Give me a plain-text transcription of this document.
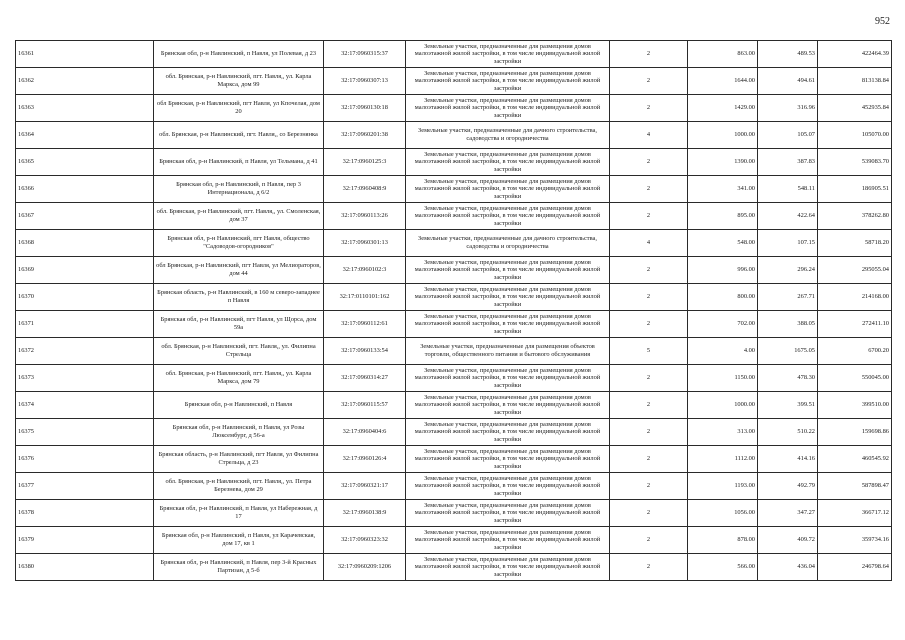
952
16361	Брянская обл, р-н Навлинский, п Навля, ул Полевая, д 23	32:17:0960315:37	Земельные участки, предназначенные для размещения домов малоэтажной жилой застройки, в том числе индивидуальной жилой застройки	2	863.00	489.53	422464.39
16362	обл. Брянская, р-н Навлинский, пгт. Навля,, ул. Карла Маркса, дом 99	32:17:0960307:13	Земельные участки, предназначенные для размещения домов малоэтажной жилой застройки, в том числе индивидуальной жилой застройки	2	1644.00	494.61	813138.84
16363	обл Брянская, р-н Навлинский, пгт Навля, ул Кпочелая, дом 20	32:17:0960130:18	Земельные участки, предназначенные для размещения домов малоэтажной жилой застройки, в том числе индивидуальной жилой застройки	2	1429.00	316.96	452935.84
16364	обл. Брянская, р-н Навлинский, пгт. Навля,, со Березнянка	32:17:0960201:38	Земельные участки, предназначенные для дачного строительства, садоводства и огородничества	4	1000.00	105.07	105070.00
16365	Брянская обл, р-н Навлинский, п Навля, ул Тельмана, д 41	32:17:0960125:3	Земельные участки, предназначенные для размещения домов малоэтажной жилой застройки, в том числе индивидуальной жилой застройки	2	1390.00	387.83	539083.70
16366	Брянская обл, р-н Навлинский, п Навля, пер 3 Интернационала, д 6/2	32:17:0960408:9	Земельные участки, предназначенные для размещения домов малоэтажной жилой застройки, в том числе индивидуальной жилой застройки	2	341.00	548.11	186905.51
16367	обл. Брянская, р-н Навлинский, пгт. Навля,, ул. Смоленская, дом 37	32:17:0960113:26	Земельные участки, предназначенные для размещения домов малоэтажной жилой застройки, в том числе индивидуальной жилой застройки	2	895.00	422.64	378262.80
16368	Брянская обл, р-н Навлинский, пгт Навля, общество "Садоводов-огородников"	32:17:0960301:13	Земельные участки, предназначенные для дачного строительства, садоводства и огородничества	4	548.00	107.15	58718.20
16369	обл Брянская, р-н Навлинский, пгт Навля, ул Мелиораторов, дом 44	32:17:0960102:3	Земельные участки, предназначенные для размещения домов малоэтажной жилой застройки, в том числе индивидуальной жилой застройки	2	996.00	296.24	295055.04
16370	Брянская область, р-н Навлинский, в 160 м северо-западнее п Навля	32:17:0110101:162	Земельные участки, предназначенные для размещения домов малоэтажной жилой застройки, в том числе индивидуальной жилой застройки	2	800.00	267.71	214168.00
16371	Брянская обл, р-н Навлинский, пгт Навля, ул Щорса, дом 59а	32:17:0960112:61	Земельные участки, предназначенные для размещения домов малоэтажной жилой застройки, в том числе индивидуальной жилой застройки	2	702.00	388.05	272411.10
16372	обл. Брянская, р-н Навлинский, пгт. Навля,, ул. Филипна Стрельца	32:17:0960133:54	Земельные участки, предназначенные для размещения объектов торговли, общественного питания и бытового обслуживания	5	4.00	1675.05	6700.20
16373	обл. Брянская, р-н Навлинский, пгт. Навля,, ул. Карла Маркса, дом 79	32:17:0960314:27	Земельные участки, предназначенные для размещения домов малоэтажной жилой застройки, в том числе индивидуальной жилой застройки	2	1150.00	478.30	550045.00
16374	Брянская обл, р-н Навлинский, п Навля	32:17:0960115:57	Земельные участки, предназначенные для размещения домов малоэтажной жилой застройки, в том числе индивидуальной жилой застройки	2	1000.00	399.51	399510.00
16375	Брянская обл, р-н Навлинский, п Навля, ул Розы Люксембург, д 56-а	32:17:0960404:6	Земельные участки, предназначенные для размещения домов малоэтажной жилой застройки, в том числе индивидуальной жилой застройки	2	313.00	510.22	159698.86
16376	Брянская область, р-н Навлинский, пгт Навля, ул Филипна Стрельца, д 23	32:17:0960126:4	Земельные участки, предназначенные для размещения домов малоэтажной жилой застройки, в том числе индивидуальной жилой застройки	2	1112.00	414.16	460545.92
16377	обл. Брянская, р-н Навлинский, пгт. Навля,, ул. Петра Березнева, дом 29	32:17:0960321:17	Земельные участки, предназначенные для размещения домов малоэтажной жилой застройки, в том числе индивидуальной жилой застройки	2	1193.00	492.79	587898.47
16378	Брянская обл, р-н Навлинский, п Навля, ул Набережная, д 17	32:17:0960138:9	Земельные участки, предназначенные для размещения домов малоэтажной жилой застройки, в том числе индивидуальной жилой застройки	2	1056.00	347.27	366717.12
16379	Брянская обл, р-н Навлинский, п Навля, ул Карачевская, дом 17, кв 1	32:17:0960323:32	Земельные участки, предназначенные для размещения домов малоэтажной жилой застройки, в том числе индивидуальной жилой застройки	2	878.00	409.72	359734.16
16380	Брянская обл, р-н Навлинский, п Навля, пер 3-й Красных Партизан, д 5-б	32:17:0960209:1206	Земельные участки, предназначенные для размещения домов малоэтажной жилой застройки, в том числе индивидуальной жилой застройки	2	566.00	436.04	246798.64
